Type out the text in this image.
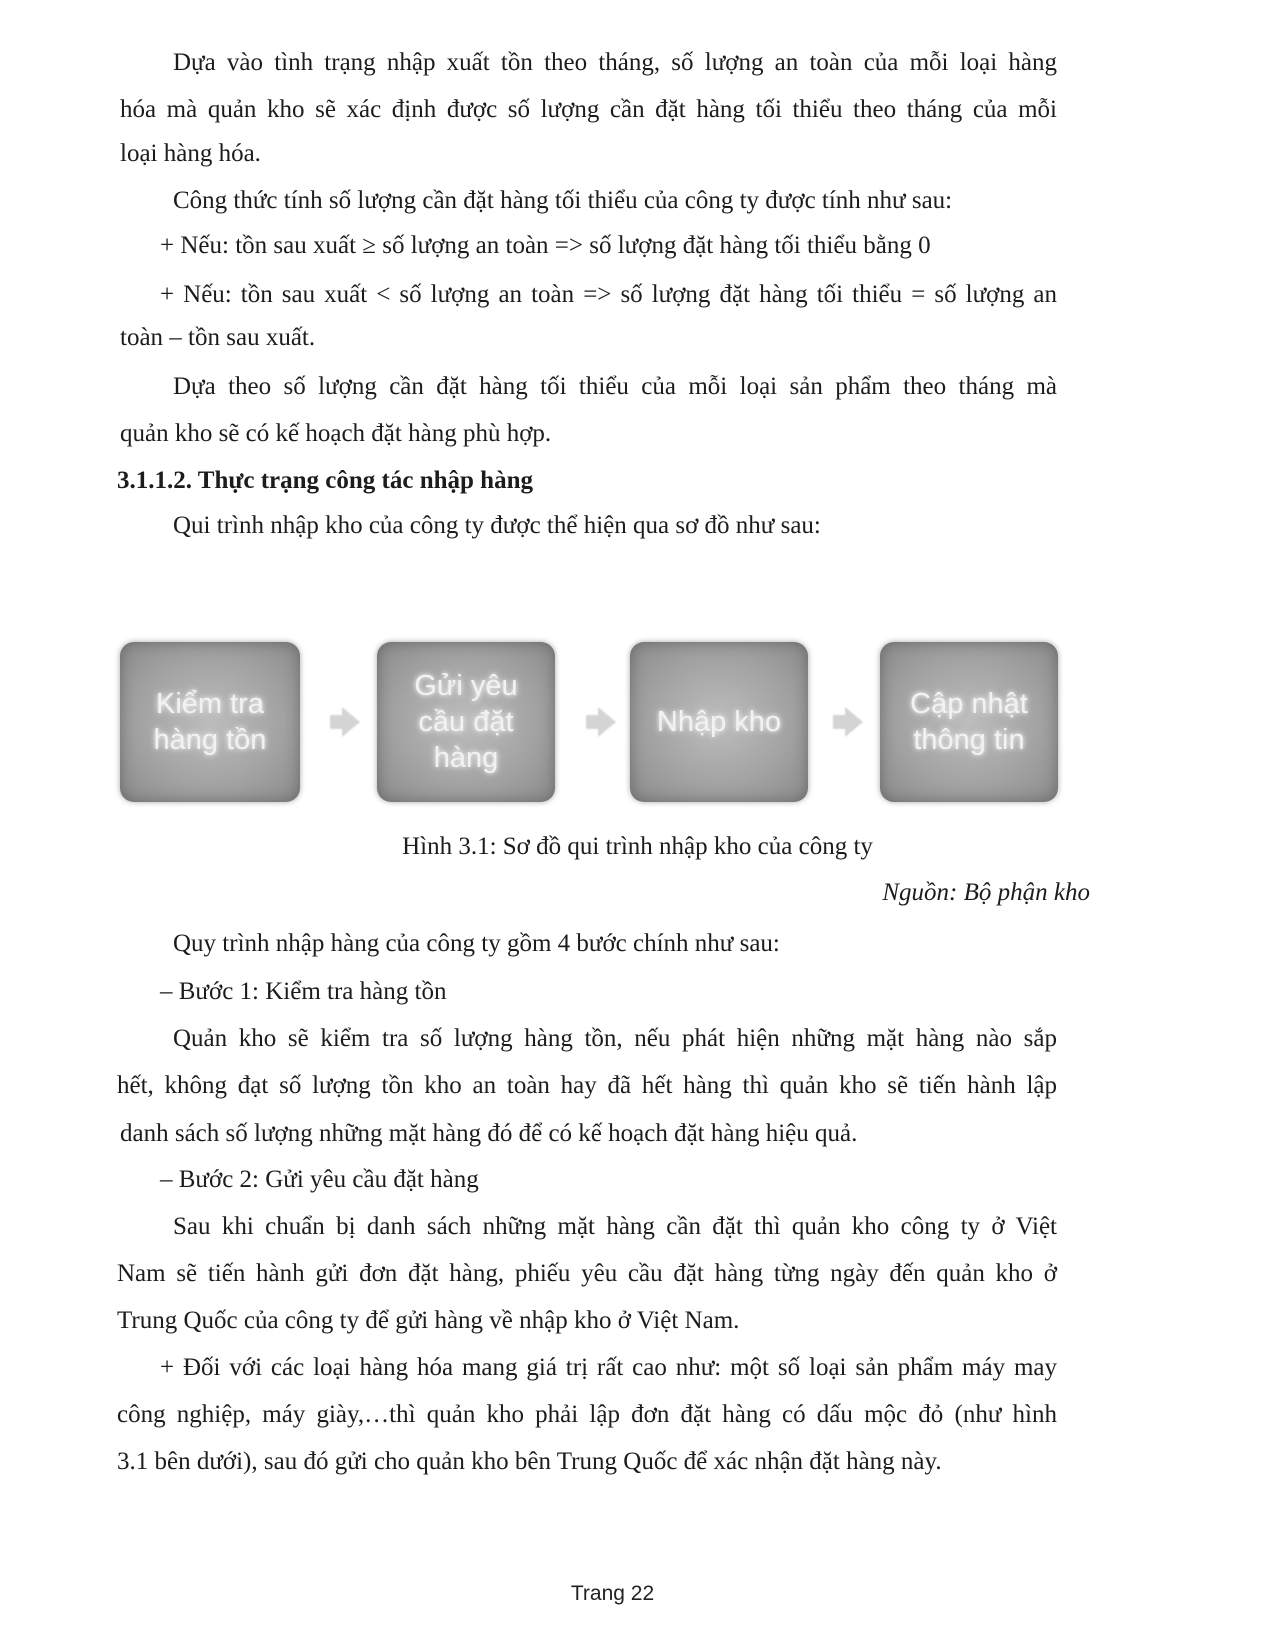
Dựa vào tình trạng nhập xuất tồn theo tháng, số lượng an toàn của mỗi loại hàng
hóa mà quản kho sẽ xác định được số lượng cần đặt hàng tối thiểu theo tháng của mỗi
loại hàng hóa.
Công thức tính số lượng cần đặt hàng tối thiểu của công ty được tính như sau:
+ Nếu: tồn sau xuất ≥ số lượng an toàn => số lượng đặt hàng tối thiểu bằng 0
+ Nếu: tồn sau xuất < số lượng an toàn => số lượng đặt hàng tối thiểu = số lượng an
toàn – tồn sau xuất.
Dựa theo số lượng cần đặt hàng tối thiểu của mỗi loại sản phẩm theo tháng mà
quản kho sẽ có kế hoạch đặt hàng phù hợp.
3.1.1.2. Thực trạng công tác nhập hàng
Qui trình nhập kho của công ty được thể hiện qua sơ đồ như sau:
Kiểm tra
hàng tồn
Gửi yêu
cầu đặt
hàng
Nhập kho
Cập nhật
thông tin
Hình 3.1: Sơ đồ qui trình nhập kho của công ty
Nguồn: Bộ phận kho
Quy trình nhập hàng của công ty gồm 4 bước chính như sau:
– Bước 1: Kiểm tra hàng tồn
Quản kho sẽ kiểm tra số lượng hàng tồn, nếu phát hiện những mặt hàng nào sắp
hết, không đạt số lượng tồn kho an toàn hay đã hết hàng thì quản kho sẽ tiến hành lập
danh sách số lượng những mặt hàng đó để có kế hoạch đặt hàng hiệu quả.
– Bước 2: Gửi yêu cầu đặt hàng
Sau khi chuẩn bị danh sách những mặt hàng cần đặt thì quản kho công ty ở Việt
Nam sẽ tiến hành gửi đơn đặt hàng, phiếu yêu cầu đặt hàng từng ngày đến quản kho ở
Trung Quốc của công ty để gửi hàng về nhập kho ở Việt Nam.
+ Đối với các loại hàng hóa mang giá trị rất cao như: một số loại sản phẩm máy may
công nghiệp, máy giày,…thì quản kho phải lập đơn đặt hàng có dấu mộc đỏ (như hình
3.1 bên dưới), sau đó gửi cho quản kho bên Trung Quốc để xác nhận đặt hàng này.
Trang 22
